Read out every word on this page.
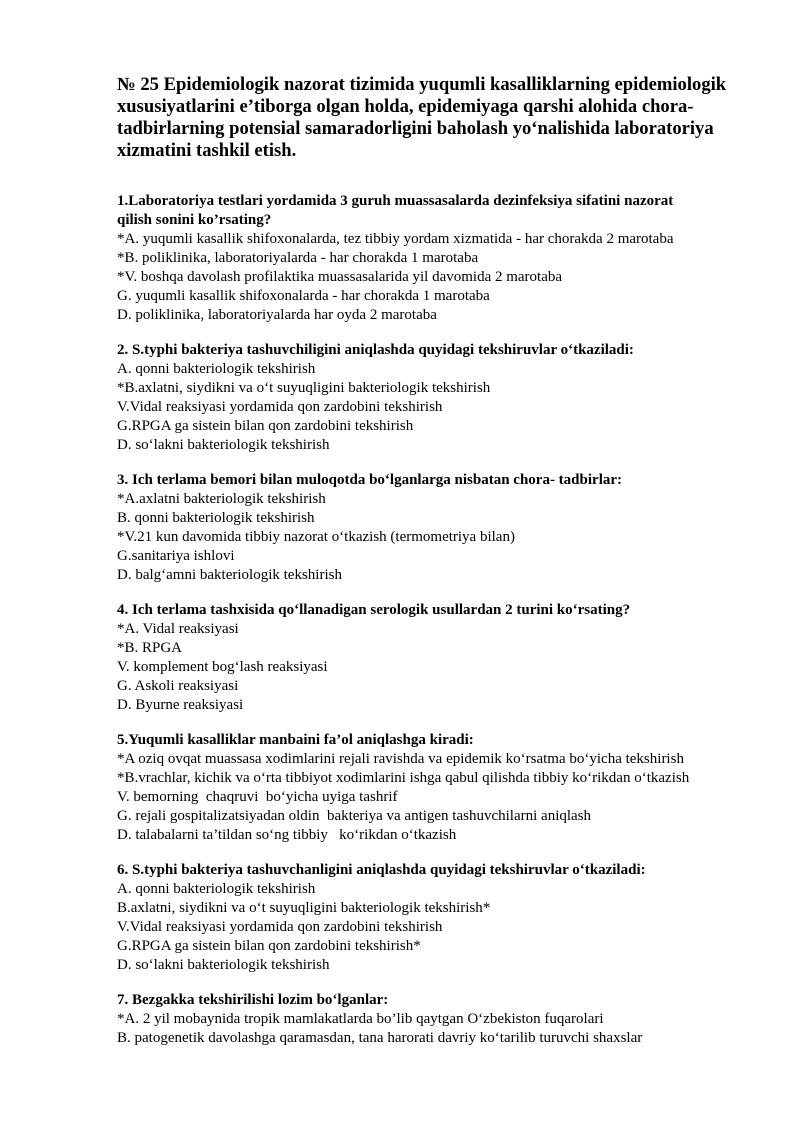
№ 25 Epidemiologik nazorat tizimida yuqumli kasalliklarning epidemiologik
xususiyatlarini e’tiborga olgan holda, epidemiyaga qarshi alohida chora-
tadbirlarning potensial samaradorligini baholash yo‘nalishida laboratoriya
xizmatini tashkil etish.

1.Laboratoriya testlari yordamida 3 guruh muassasalarda dezinfeksiya sifatini nazorat
qilish sonini ko’rsating?

*A. yuqumli kasallik shifoxonalarda, tez tibbiy yordam xizmatida - har chorakda 2 marotaba
*B. poliklinika, laboratoriyalarda - har chorakda 1 marotaba
*V. boshqa davolash profilaktika muassasalarida yil davomida 2 marotaba
G. yuqumli kasallik shifoxonalarda - har chorakda 1 marotaba
D. poliklinika, laboratoriyalarda har oyda 2 marotaba

2. S.typhi bakteriya tashuvchiligini aniqlashda quyidagi tekshiruvlar o‘tkaziladi:

A. qonni bakteriologik tekshirish
*B.axlatni, siydikni va o‘t suyuqligini bakteriologik tekshirish
V.Vidal reaksiyasi yordamida qon zardobini tekshirish
G.RPGA ga sistein bilan qon zardobini tekshirish
D. so‘lakni bakteriologik tekshirish

3. Ich terlama bemori bilan muloqotda bo‘lganlarga nisbatan chora- tadbirlar:

*A.axlatni bakteriologik tekshirish
B. qonni bakteriologik tekshirish
*V.21 kun davomida tibbiy nazorat o‘tkazish (termometriya bilan)
G.sanitariya ishlovi
D. balg‘amni bakteriologik tekshirish

4. Ich terlama tashxisida qo‘llanadigan serologik usullardan 2 turini ko‘rsating?

*A. Vidal reaksiyasi
*B. RPGA
V. komplement bog‘lash reaksiyasi
G. Askoli reaksiyasi
D. Byurne reaksiyasi

5.Yuqumli kasalliklar manbaini fa’ol aniqlashga kiradi:

*A oziq ovqat muassasa xodimlarini rejali ravishda va epidemik ko‘rsatma bo‘yicha tekshirish
*B.vrachlar, kichik va o‘rta tibbiyot xodimlarini ishga qabul qilishda tibbiy ko‘rikdan o‘tkazish
V. bemorning  chaqruvi  bo‘yicha uyiga tashrif
G. rejali gospitalizatsiyadan oldin  bakteriya va antigen tashuvchilarni aniqlash
D. talabalarni ta’tildan so‘ng tibbiy   ko‘rikdan o‘tkazish

6. S.typhi bakteriya tashuvchanligini aniqlashda quyidagi tekshiruvlar o‘tkaziladi:

A. qonni bakteriologik tekshirish
B.axlatni, siydikni va o‘t suyuqligini bakteriologik tekshirish*
V.Vidal reaksiyasi yordamida qon zardobini tekshirish
G.RPGA ga sistein bilan qon zardobini tekshirish*
D. so‘lakni bakteriologik tekshirish

7. Bezgakka tekshirilishi lozim bo‘lganlar:

*A. 2 yil mobaynida tropik mamlakatlarda bo’lib qaytgan O‘zbekiston fuqarolari
B. patogenetik davolashga qaramasdan, tana harorati davriy ko‘tarilib turuvchi shaxslar
